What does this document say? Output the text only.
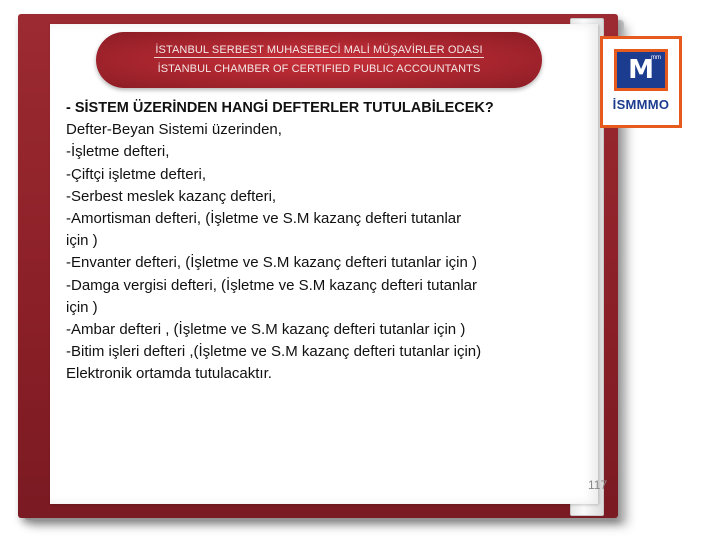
İSTANBUL SERBEST MUHASEBECİ MALİ MÜŞAVİRLER ODASI
İSTANBUL CHAMBER OF CERTIFIED PUBLIC ACCOUNTANTS	M
mm
İSMMMO
- SİSTEM ÜZERİNDEN HANGİ DEFTERLER TUTULABİLECEK?
Defter-Beyan Sistemi üzerinden,
-İşletme defteri,
-Çiftçi işletme defteri,
-Serbest meslek kazanç defteri,
-Amortisman defteri, (İşletme ve S.M kazanç defteri tutanlar
için )
-Envanter defteri, (İşletme ve S.M kazanç defteri tutanlar için )
-Damga vergisi defteri, (İşletme ve S.M kazanç defteri tutanlar
için )
-Ambar defteri , (İşletme ve S.M kazanç defteri tutanlar için )
-Bitim işleri defteri ,(İşletme ve S.M kazanç defteri tutanlar için)
Elektronik ortamda tutulacaktır.
117
